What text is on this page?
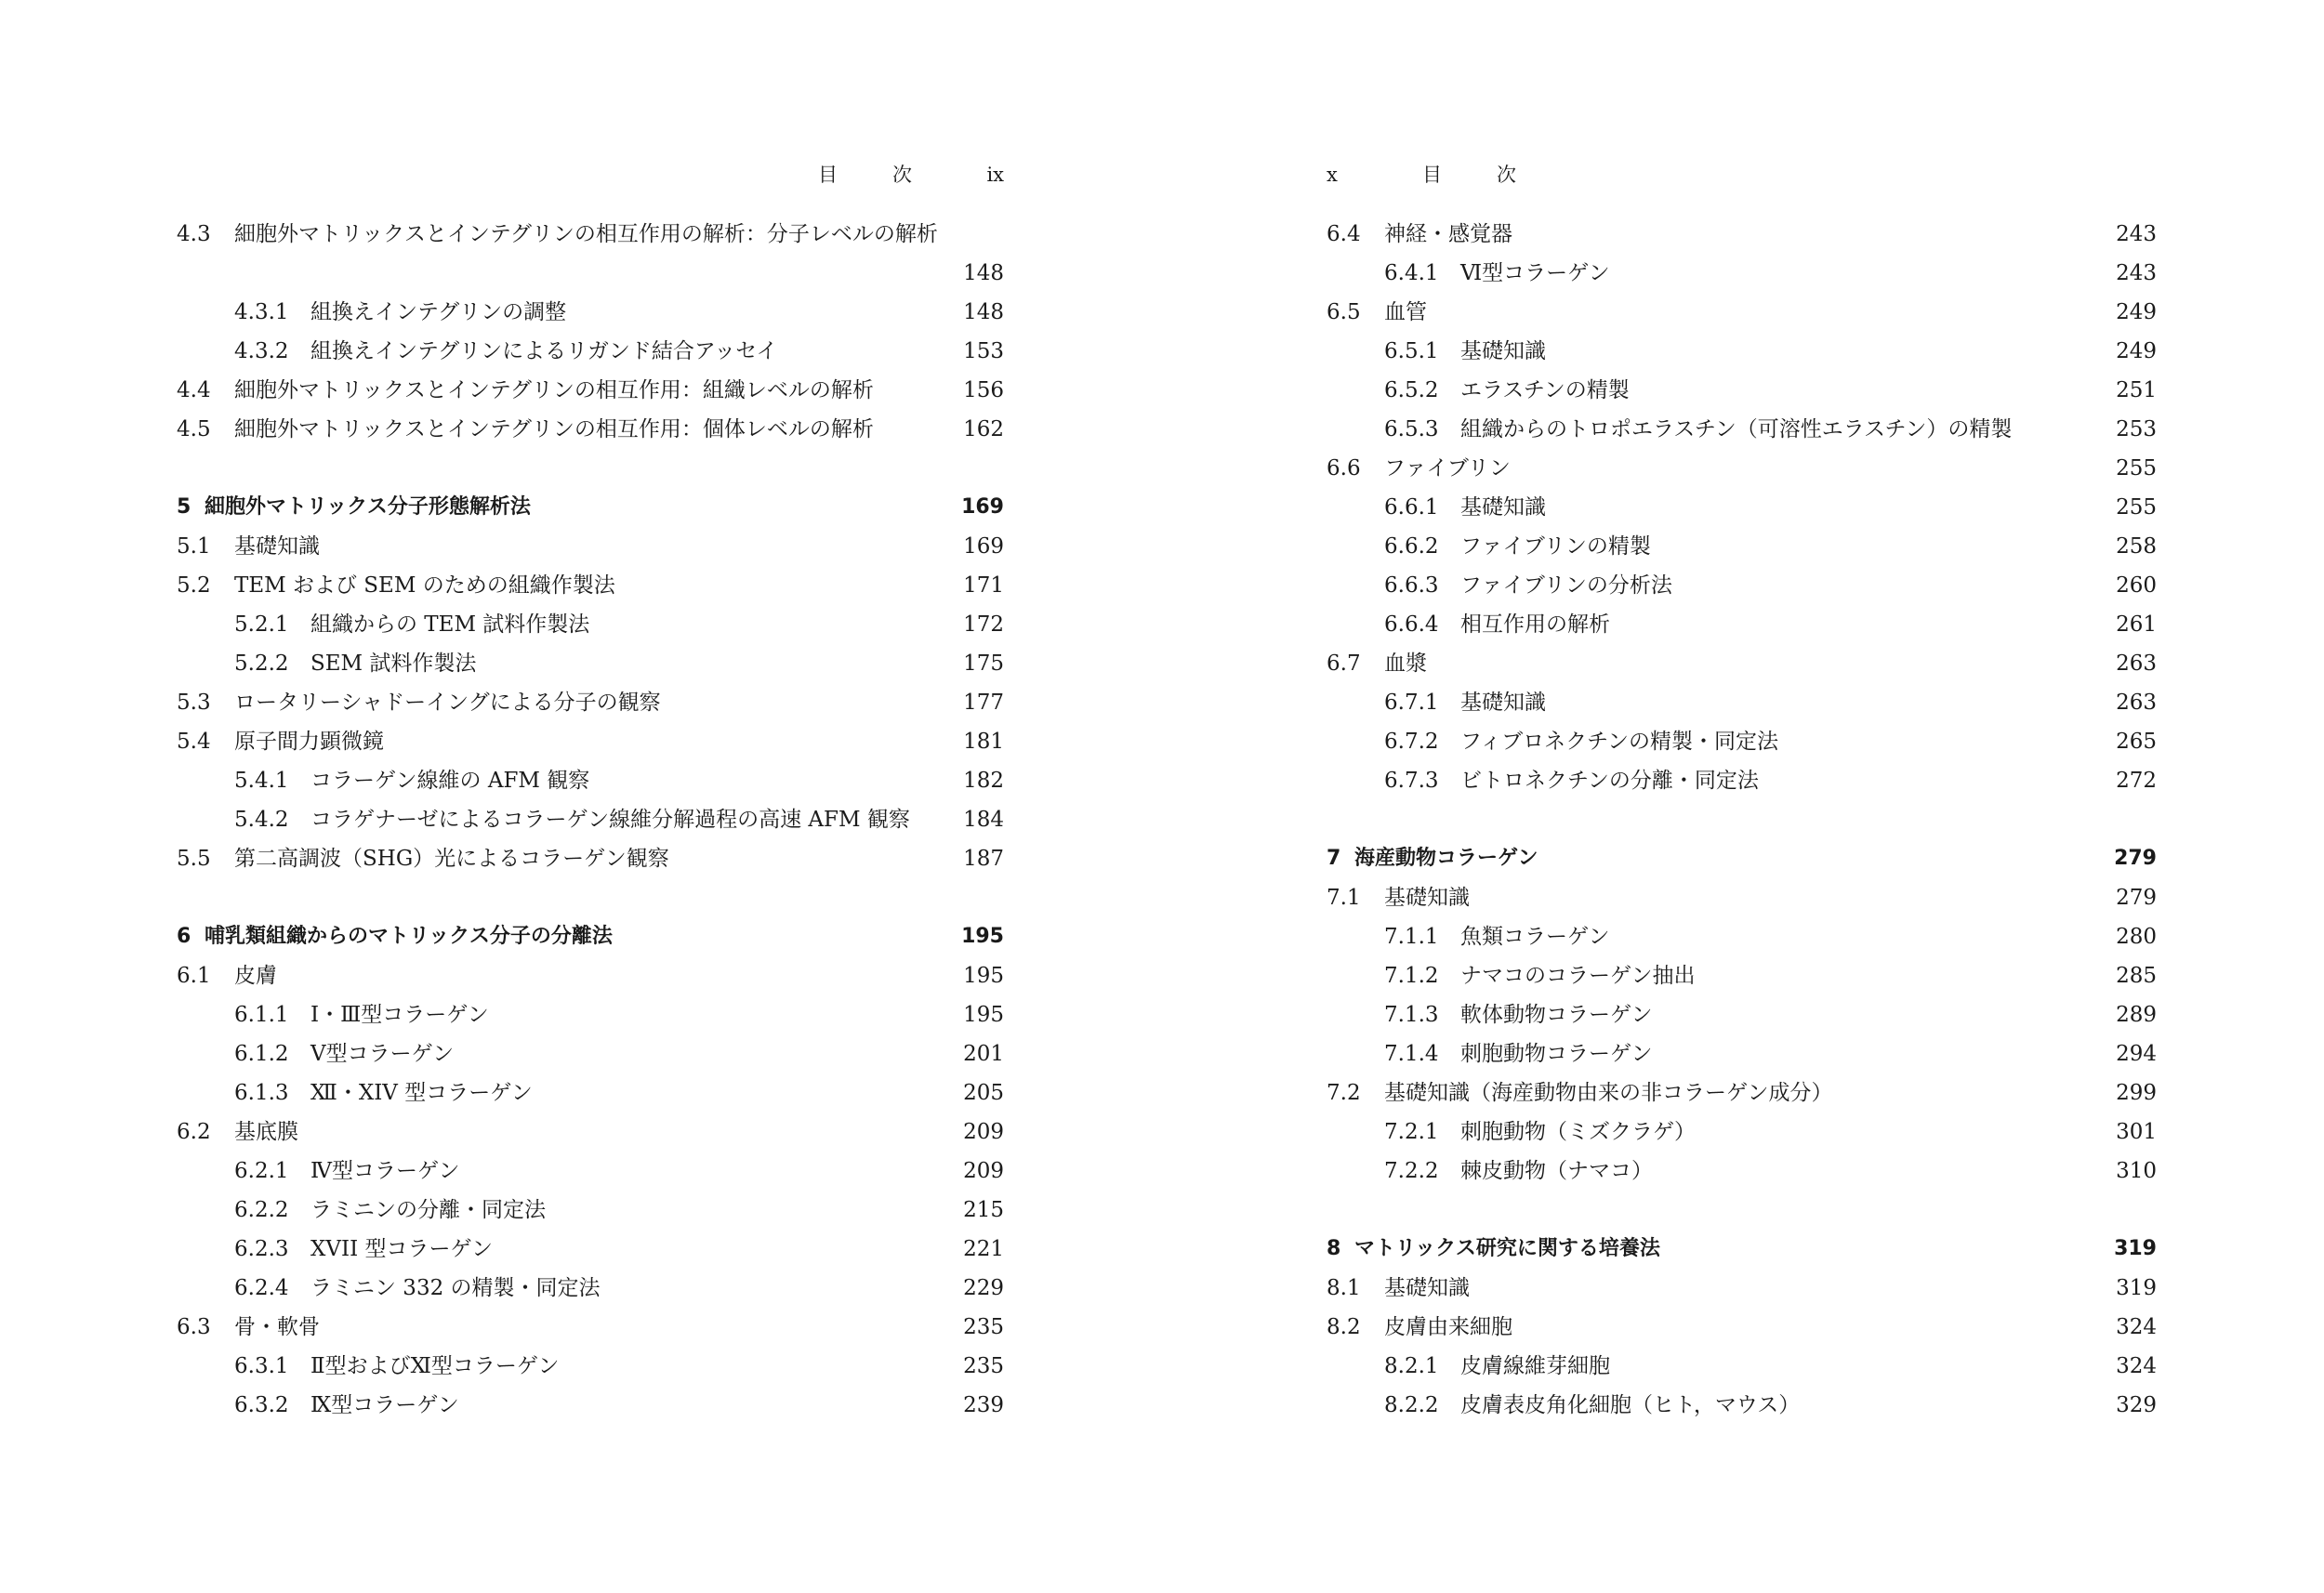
目	次	ix
4.3 細胞外マトリックスとインテグリンの相互作用の解析：分子レベルの解析
148
4.3.1 組換えインテグリンの調整	148
4.3.2 組換えインテグリンによるリガンド結合アッセイ	153
4.4 細胞外マトリックスとインテグリンの相互作用：組織レベルの解析	156
4.5 細胞外マトリックスとインテグリンの相互作用：個体レベルの解析	162
5 細胞外マトリックス分子形態解析法	169
5.1 基礎知識	169
5.2 TEM および SEM のための組織作製法	171
5.2.1 組織からの TEM 試料作製法	172
5.2.2 SEM 試料作製法	175
5.3 ロータリーシャドーイングによる分子の観察	177
5.4 原子間力顕微鏡	181
5.4.1 コラーゲン線維の AFM 観察	182
5.4.2 コラゲナーゼによるコラーゲン線維分解過程の高速 AFM 観察 184
5.5 第二高調波（SHG）光によるコラーゲン観察	187
6 哺乳類組織からのマトリックス分子の分離法	195
6.1 皮膚	195
6.1.1 Ⅰ・Ⅲ型コラーゲン	195
6.1.2 Ⅴ型コラーゲン	201
6.1.3 Ⅻ・XIV 型コラーゲン	205
6.2 基底膜	209
6.2.1 Ⅳ型コラーゲン	209
6.2.2 ラミニンの分離・同定法	215
6.2.3 XVII 型コラーゲン	221
6.2.4 ラミニン 332 の精製・同定法	229
6.3 骨・軟骨	235
6.3.1 Ⅱ型およびⅪ型コラーゲン	235
6.3.2 Ⅸ型コラーゲン	239
x	目	次
6.4 神経・感覚器	243
6.4.1 Ⅵ型コラーゲン	243
6.5 血管	249
6.5.1 基礎知識	249
6.5.2 エラスチンの精製	251
6.5.3 組織からのトロポエラスチン（可溶性エラスチン）の精製	253
6.6 ファイブリン	255
6.6.1 基礎知識	255
6.6.2 ファイブリンの精製	258
6.6.3 ファイブリンの分析法	260
6.6.4 相互作用の解析	261
6.7 血漿	263
6.7.1 基礎知識	263
6.7.2 フィブロネクチンの精製・同定法	265
6.7.3 ビトロネクチンの分離・同定法	272
7 海産動物コラーゲン	279
7.1 基礎知識	279
7.1.1 魚類コラーゲン	280
7.1.2 ナマコのコラーゲン抽出	285
7.1.3 軟体動物コラーゲン	289
7.1.4 刺胞動物コラーゲン	294
7.2 基礎知識（海産動物由来の非コラーゲン成分）	299
7.2.1 刺胞動物（ミズクラゲ）	301
7.2.2 棘皮動物（ナマコ）	310
8 マトリックス研究に関する培養法	319
8.1 基礎知識	319
8.2 皮膚由来細胞	324
8.2.1 皮膚線維芽細胞	324
8.2.2 皮膚表皮角化細胞（ヒト，マウス）	329
